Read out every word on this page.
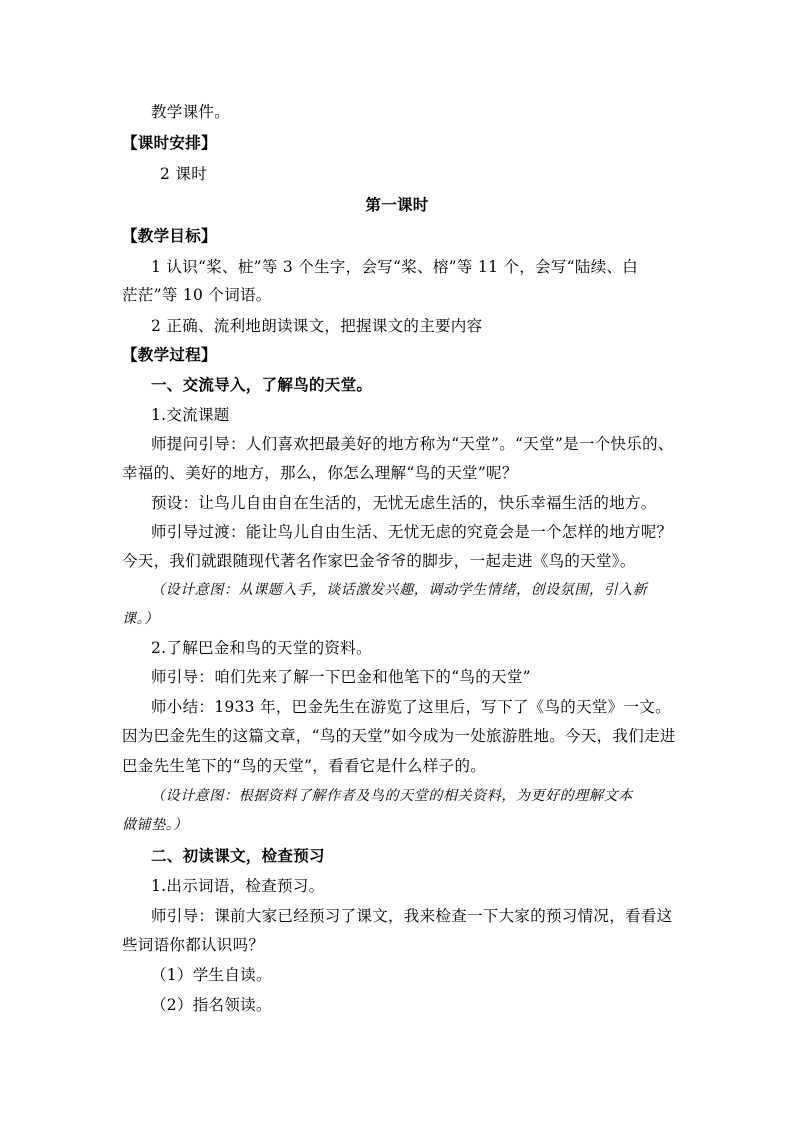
教学课件。
【课时安排】
2 课时
第一课时
【教学目标】
1 认识“桨、桩”等 3 个生字，会写“桨、榕”等 11 个，会写“陆续、白
茫茫”等 10 个词语。
2 正确、流利地朗读课文，把握课文的主要内容
【教学过程】
一、交流导入，了解鸟的天堂。
1.交流课题
师提问引导：人们喜欢把最美好的地方称为“天堂”。“天堂”是一个快乐的、
幸福的、美好的地方，那么，你怎么理解“鸟的天堂”呢？
预设：让鸟儿自由自在生活的，无忧无虑生活的，快乐幸福生活的地方。
师引导过渡：能让鸟儿自由生活、无忧无虑的究竟会是一个怎样的地方呢？
今天，我们就跟随现代著名作家巴金爷爷的脚步，一起走进《鸟的天堂》。
（设计意图：从课题入手，谈话激发兴趣，调动学生情绪，创设氛围，引入新
课。）
2.了解巴金和鸟的天堂的资料。
师引导：咱们先来了解一下巴金和他笔下的“鸟的天堂”
师小结：1933 年，巴金先生在游览了这里后，写下了《鸟的天堂》一文。
因为巴金先生的这篇文章，“鸟的天堂”如今成为一处旅游胜地。今天，我们走进
巴金先生笔下的“鸟的天堂”，看看它是什么样子的。
（设计意图：根据资料了解作者及鸟的天堂的相关资料，为更好的理解文本
做铺垫。）
二、初读课文，检查预习
1.出示词语，检查预习。
师引导：课前大家已经预习了课文，我来检查一下大家的预习情况，看看这
些词语你都认识吗？
（1）学生自读。
（2）指名领读。
